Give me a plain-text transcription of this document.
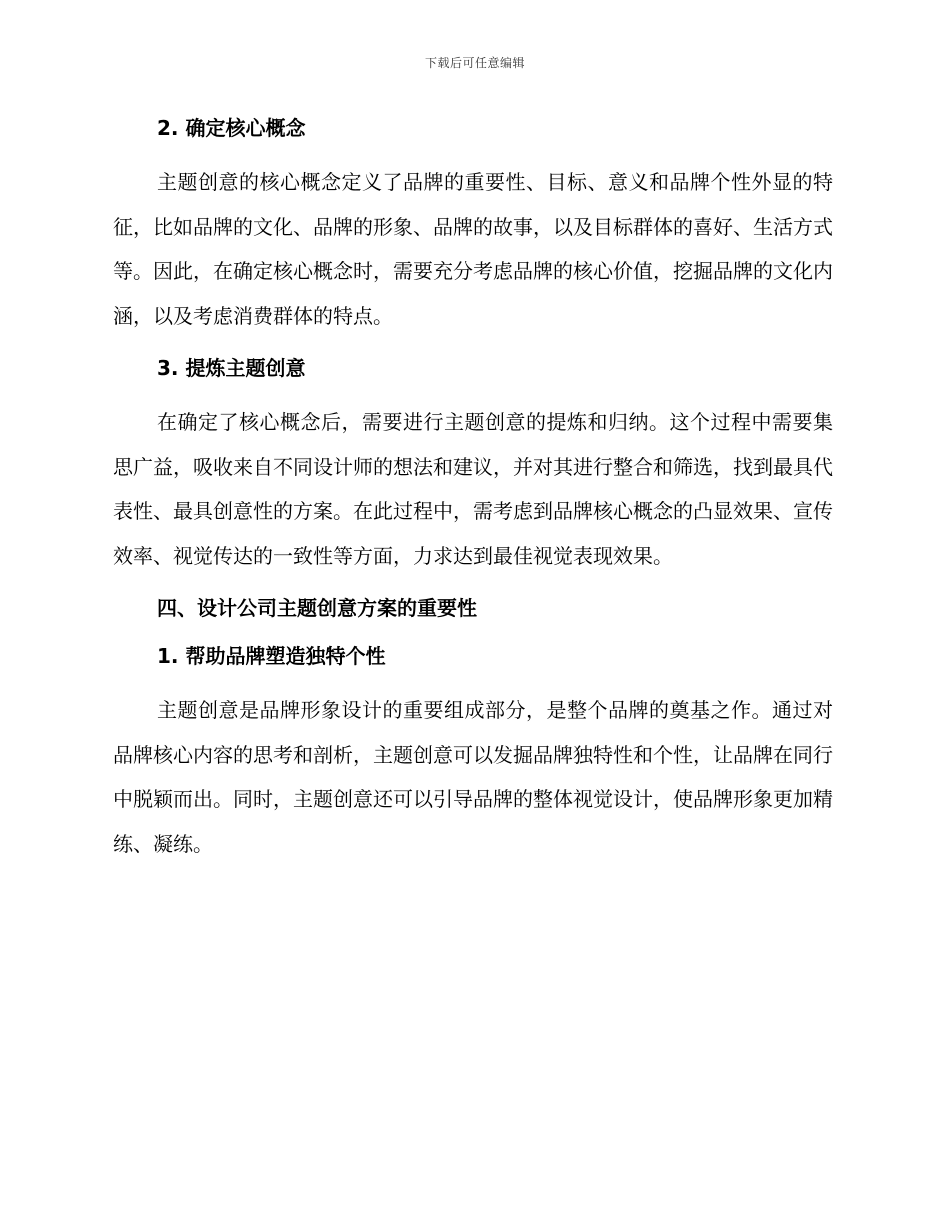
下载后可任意编辑
2. 确定核心概念

主题创意的核心概念定义了品牌的重要性、目标、意义和品牌个性外显的特征，比如品牌的文化、品牌的形象、品牌的故事，以及目标群体的喜好、生活方式等。因此，在确定核心概念时，需要充分考虑品牌的核心价值，挖掘品牌的文化内涵，以及考虑消费群体的特点。

3. 提炼主题创意

在确定了核心概念后，需要进行主题创意的提炼和归纳。这个过程中需要集思广益，吸收来自不同设计师的想法和建议，并对其进行整合和筛选，找到最具代表性、最具创意性的方案。在此过程中，需考虑到品牌核心概念的凸显效果、宣传效率、视觉传达的一致性等方面，力求达到最佳视觉表现效果。

四、设计公司主题创意方案的重要性
1. 帮助品牌塑造独特个性

主题创意是品牌形象设计的重要组成部分，是整个品牌的奠基之作。通过对品牌核心内容的思考和剖析，主题创意可以发掘品牌独特性和个性，让品牌在同行中脱颖而出。同时，主题创意还可以引导品牌的整体视觉设计，使品牌形象更加精练、凝练。
